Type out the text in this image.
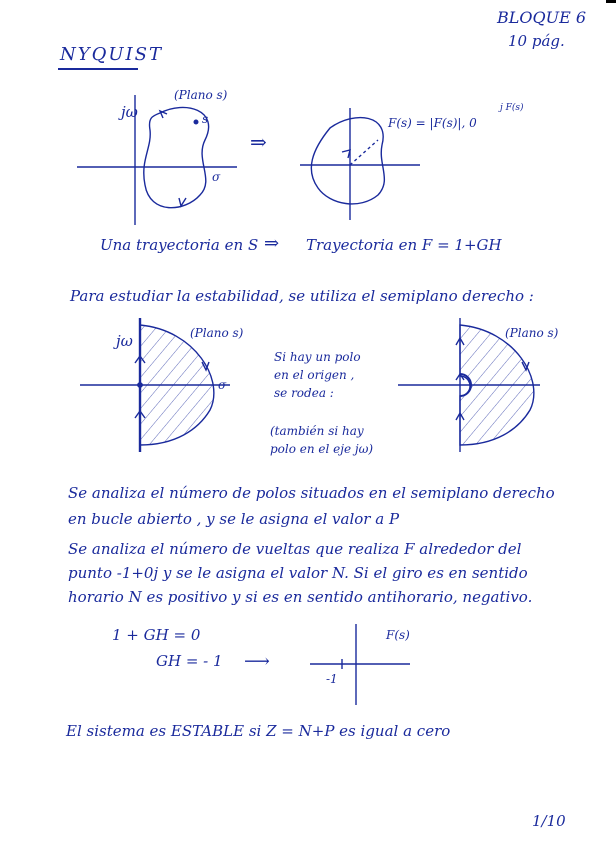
BLOQUE 6
10 pág.
NYQUIST
jω
(Plano s)
s
σ
⇒
F(s) = |F(s)|, 0
j F(s)
Una trayectoria en S ⇒ Trayectoria en F = 1+GH
Para estudiar la estabilidad, se utiliza el semiplano derecho :
jω	(Plano s)
σ
Si hay un polo
en el origen ,
se rodea :
(también si hay
polo en el eje jω)
(Plano s)
Se analiza el número de polos situados en el semiplano derecho
en bucle abierto , y se le asigna el valor a P
Se analiza el número de vueltas que realiza F alrededor del
punto -1+0j y se le asigna el valor N. Si el giro es en sentido
horario N es positivo y si es en sentido antihorario, negativo.
1 + GH = 0
GH = - 1 ⟶
F(s)
-1
El sistema es ESTABLE si Z = N+P es igual a cero
1/10
